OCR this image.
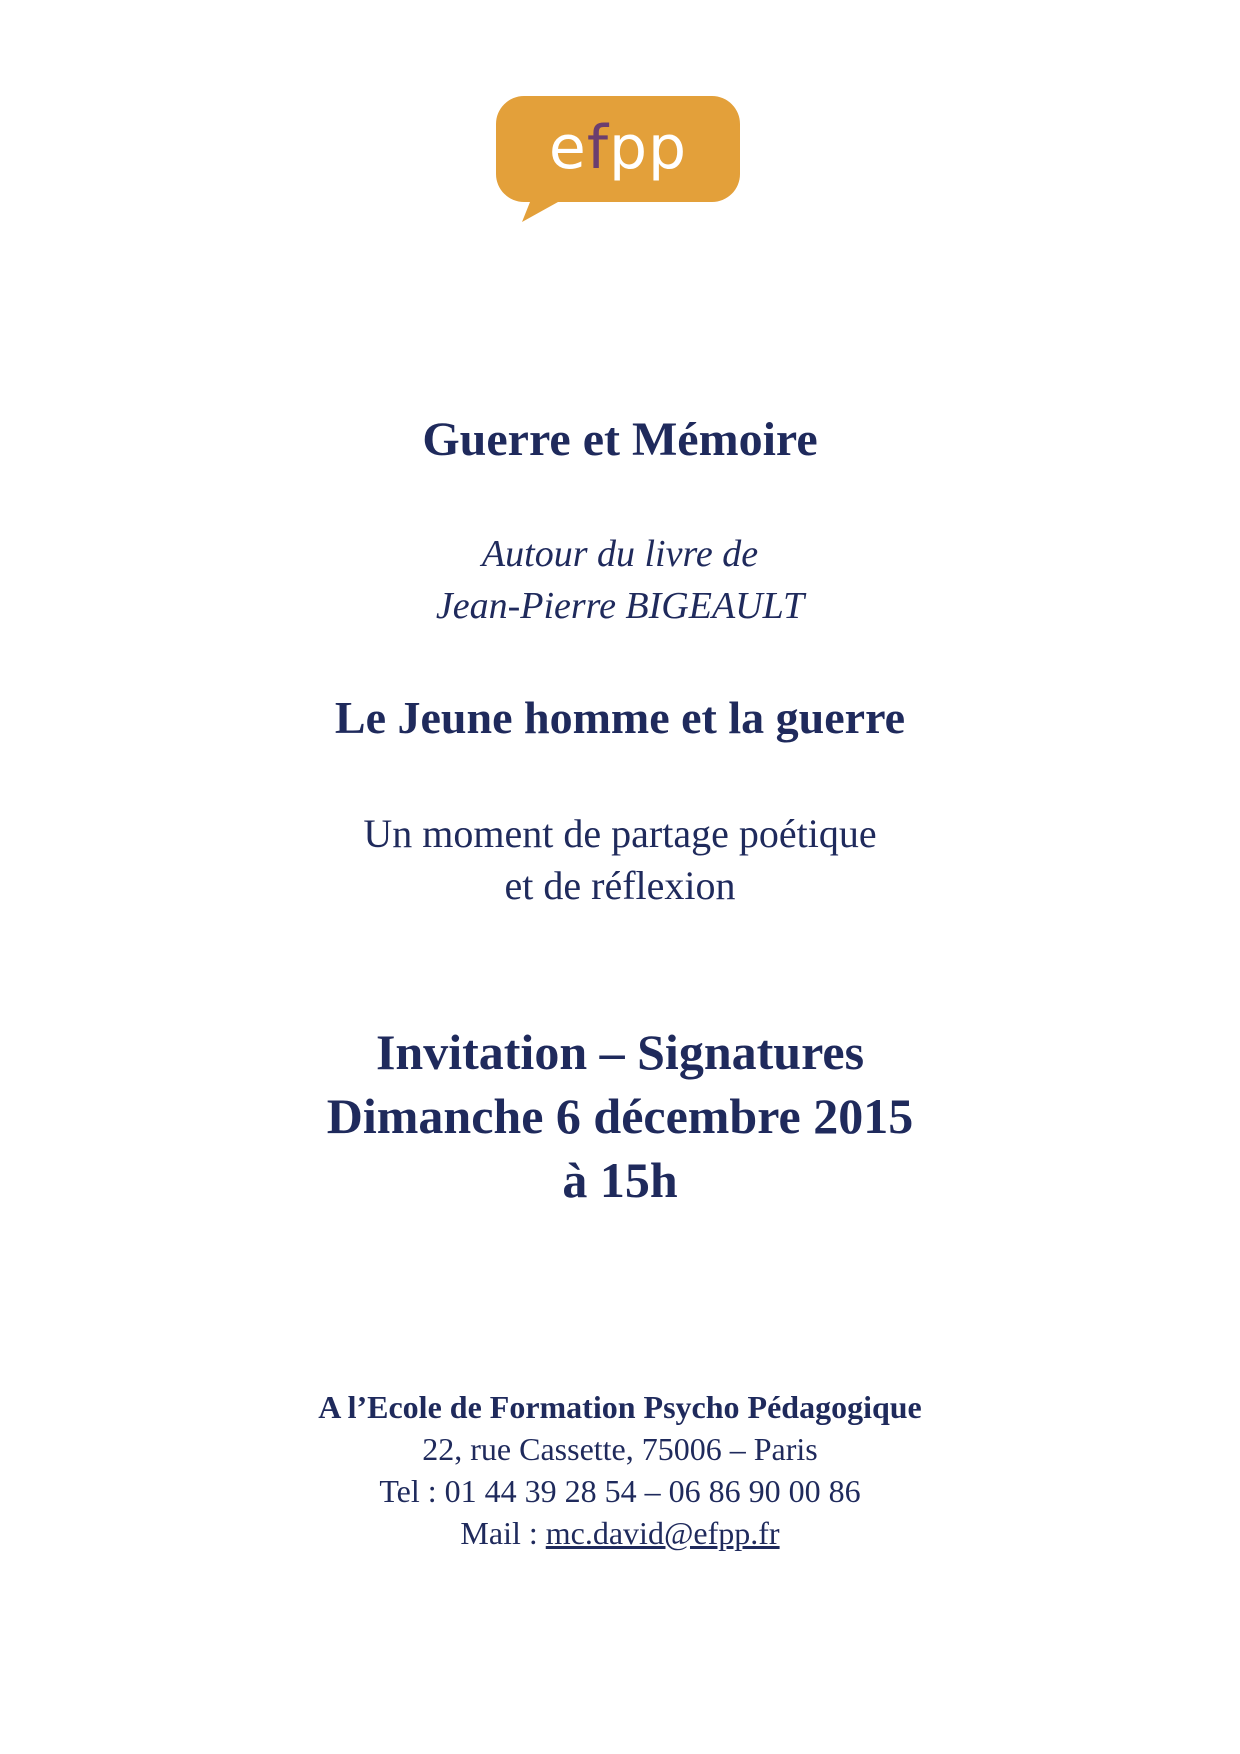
efpp
Guerre et Mémoire
Autour du livre de
Jean-Pierre BIGEAULT
Le Jeune homme et la guerre
Un moment de partage poétique
et de réflexion
Invitation – Signatures
Dimanche 6 décembre 2015
à 15h
A l’Ecole de Formation Psycho Pédagogique
22, rue Cassette, 75006 – Paris
Tel : 01 44 39 28 54 – 06 86 90 00 86
Mail : mc.david@efpp.fr
